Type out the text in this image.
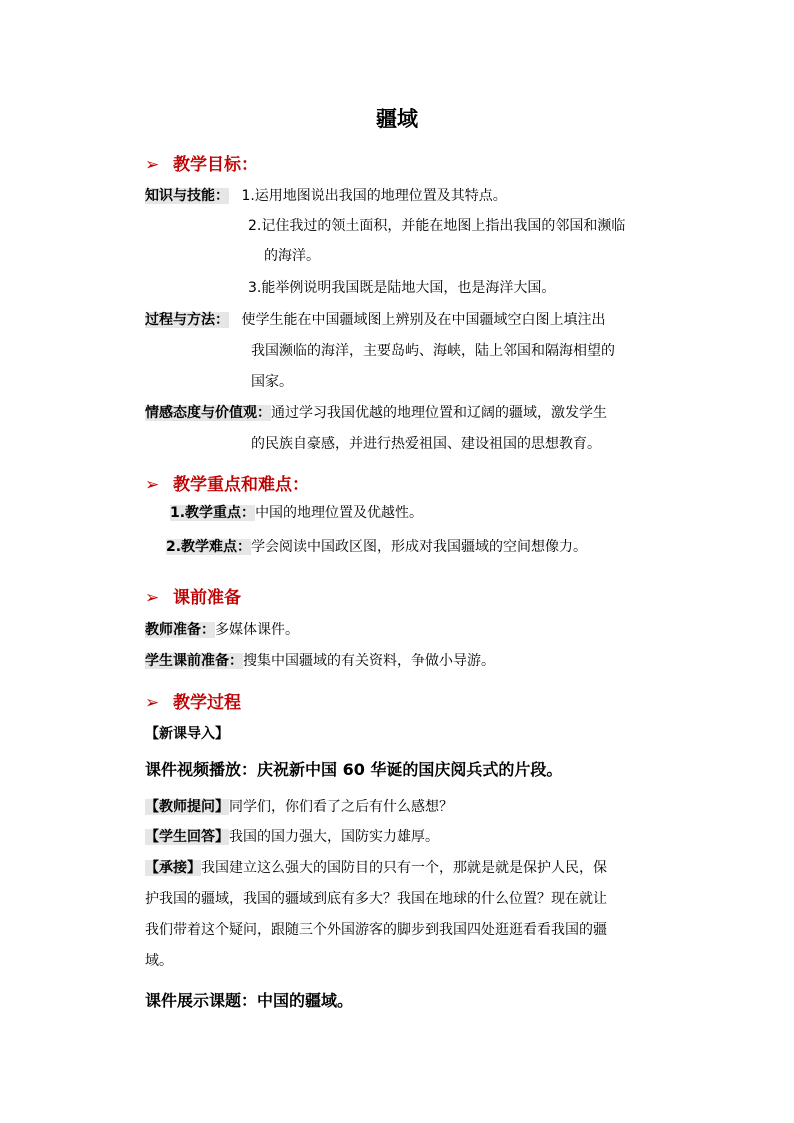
疆域
➢ 教学目标：
知识与技能： 1.运用地图说出我国的地理位置及其特点。
2.记住我过的领土面积，并能在地图上指出我国的邻国和濒临
的海洋。
3.能举例说明我国既是陆地大国，也是海洋大国。
过程与方法： 使学生能在中国疆域图上辨别及在中国疆域空白图上填注出
我国濒临的海洋，主要岛屿、海峡，陆上邻国和隔海相望的
国家。
情感态度与价值观：通过学习我国优越的地理位置和辽阔的疆域，激发学生
的民族自豪感，并进行热爱祖国、建设祖国的思想教育。
➢ 教学重点和难点：
1.教学重点：中国的地理位置及优越性。
2.教学难点：学会阅读中国政区图，形成对我国疆域的空间想像力。
➢ 课前准备
教师准备：多媒体课件。
学生课前准备：搜集中国疆域的有关资料，争做小导游。
➢ 教学过程
【新课导入】
课件视频播放：庆祝新中国 60 华诞的国庆阅兵式的片段。
【教师提问】同学们，你们看了之后有什么感想？
【学生回答】我国的国力强大，国防实力雄厚。
【承接】我国建立这么强大的国防目的只有一个，那就是就是保护人民，保
护我国的疆域，我国的疆域到底有多大？我国在地球的什么位置？现在就让
我们带着这个疑问，跟随三个外国游客的脚步到我国四处逛逛看看我国的疆
域。
课件展示课题：中国的疆域。
